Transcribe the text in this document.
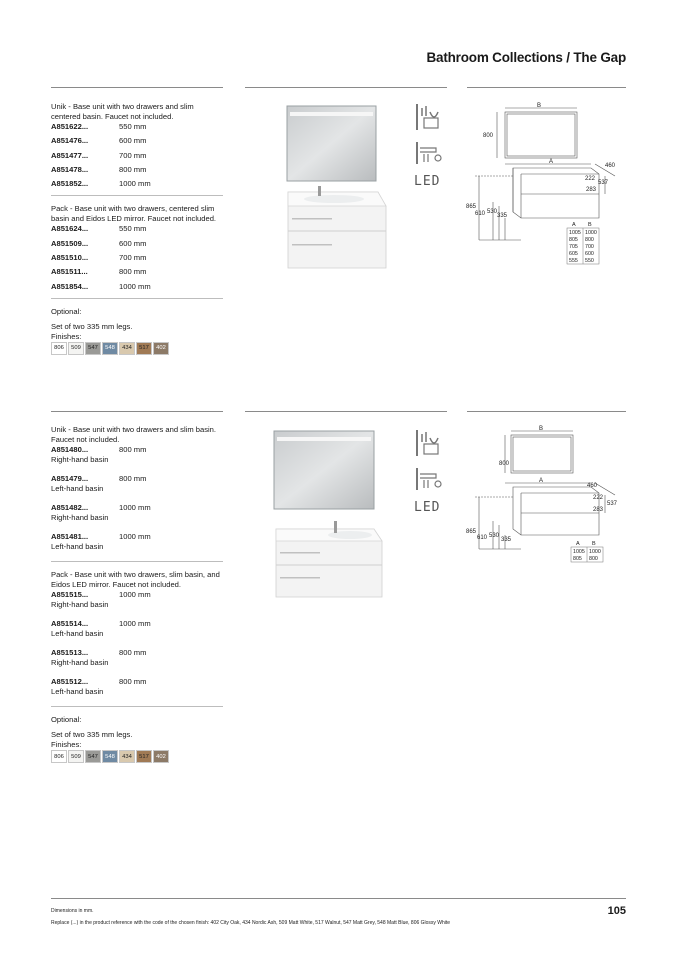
Bathroom Collections / The Gap

Unik - Base unit with two drawers and slim centered basin. Faucet not included.

A851622...	550 mm
A851476...	600 mm
A851477...	700 mm
A851478...	800 mm
A851852...	1000 mm

Pack - Base unit with two drawers, centered slim basin and Eidos LED mirror. Faucet not included.

A851624...	550 mm
A851509...	600 mm
A851510...	700 mm
A851511...	800 mm
A851854...	1000 mm

Optional:

Set of two 335 mm legs.

Finishes:

806	509	547	548	434	517	402
LED
B
800
A
460
222
537
283
865
610 530
335
A B
1005 1000
805 800
705 700
605 600
555 550

Unik - Base unit with two drawers and slim basin. Faucet not included.

A851480...	800 mm
Right-hand basin
A851479...	800 mm
Left-hand basin
A851482...	1000 mm
Right-hand basin
A851481...	1000 mm
Left-hand basin

Pack - Base unit with two drawers, slim basin, and Eidos LED mirror. Faucet not included.

A851515...	1000 mm
Right-hand basin
A851514...	1000 mm
Left-hand basin
A851513...	800 mm
Right-hand basin
A851512...	800 mm
Left-hand basin

Optional:

Set of two 335 mm legs.

Finishes:

806	509	547	548	434	517	402
LED
B
800
A
460
222
537
283
865
610 530
335
A B
1005 1000
805 800
Dimensions in mm.
Replace (...) in the product reference with the code of the chosen finish: 402 City Oak, 434 Nordic Ash, 509 Matt White, 517 Walnut, 547 Matt Grey, 548 Matt Blue, 806 Glossy White
105
